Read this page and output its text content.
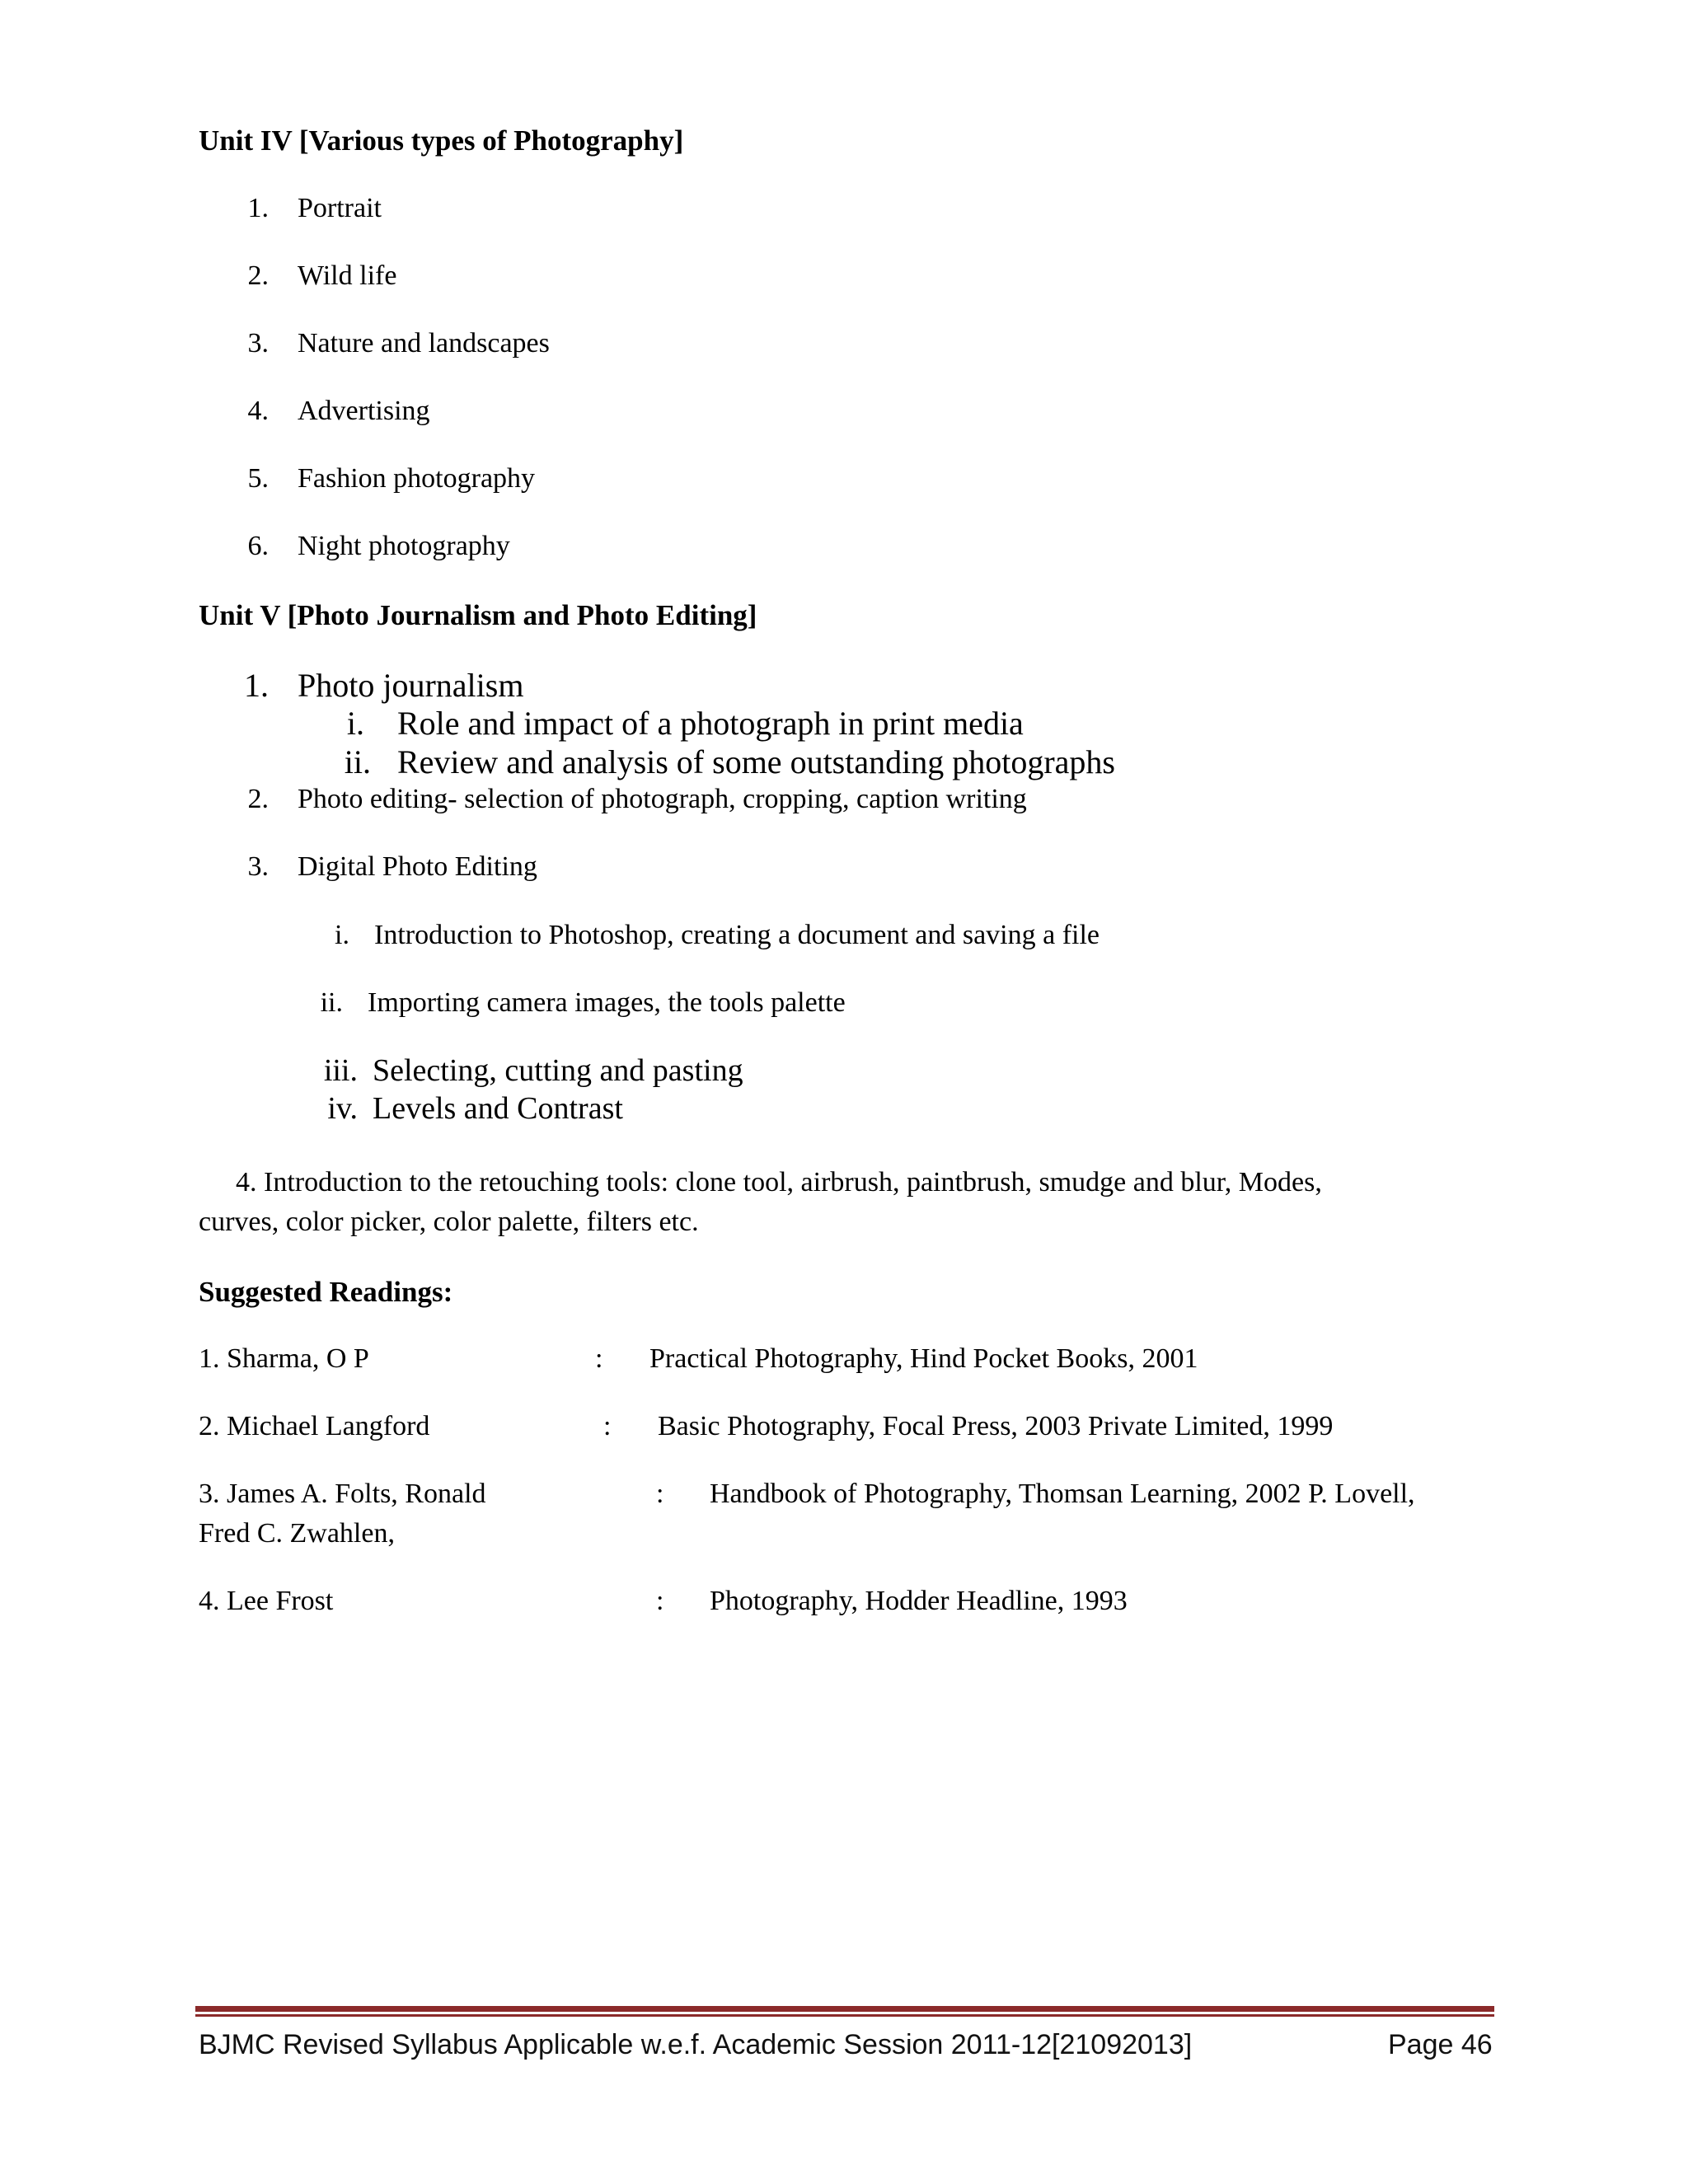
Unit IV [Various types of Photography]
1. Portrait
2. Wild life
3. Nature and landscapes
4. Advertising
5. Fashion photography
6. Night photography
Unit V [Photo Journalism and Photo Editing]
1. Photo journalism
i. Role and impact of a photograph in print media
ii. Review and analysis of some outstanding photographs
2. Photo editing- selection of photograph, cropping, caption writing
3. Digital Photo Editing
i. Introduction to Photoshop, creating a document and saving a file
ii. Importing camera images, the tools palette
iii. Selecting, cutting and pasting
iv. Levels and Contrast
4. Introduction to the retouching tools: clone tool, airbrush, paintbrush, smudge and blur, Modes,
curves, color picker, color palette, filters etc.
Suggested Readings:
1. Sharma, O P	: Practical Photography, Hind Pocket Books, 2001
2. Michael Langford	: Basic Photography, Focal Press, 2003 Private Limited, 1999
3. James A. Folts, Ronald	: Handbook of Photography, Thomsan Learning, 2002 P. Lovell,
Fred C. Zwahlen,
4. Lee Frost	: Photography, Hodder Headline, 1993
BJMC Revised Syllabus Applicable w.e.f. Academic Session 2011-12[21092013]	Page 46
